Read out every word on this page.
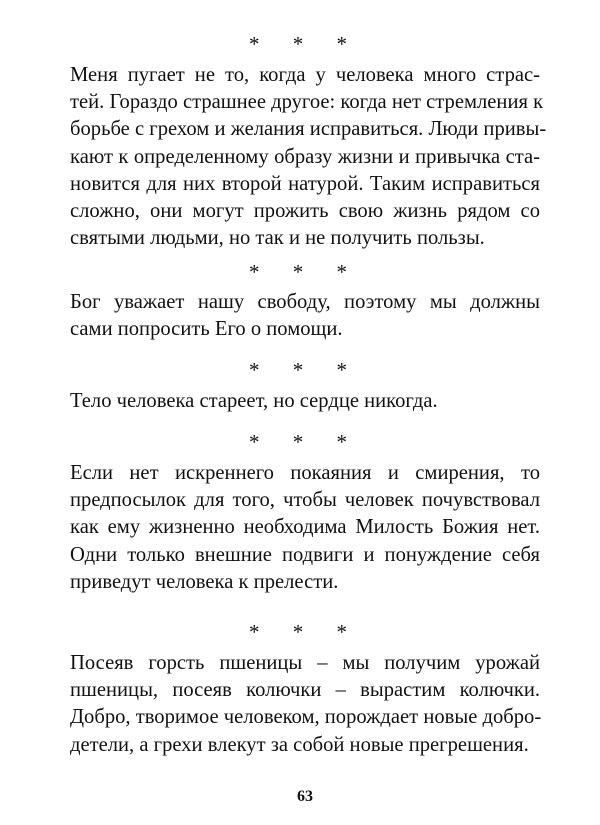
* * *
Меня пугает не то, когда у человека много страс-
тей. Гораздо страшнее другое: когда нет стремления к
борьбе с грехом и желания исправиться. Люди привы-
кают к определенному образу жизни и привычка ста-
новится для них второй натурой. Таким исправиться
сложно, они могут прожить свою жизнь рядом со
святыми людьми, но так и не получить пользы.
* * *
Бог уважает нашу свободу, поэтому мы должны
сами попросить Его о помощи.
* * *
Тело человека стареет, но сердце никогда.
* * *
Если нет искреннего покаяния и смирения, то
предпосылок для того, чтобы человек почувствовал
как ему жизненно необходима Милость Божия нет.
Одни только внешние подвиги и понуждение себя
приведут человека к прелести.
* * *
Посеяв горсть пшеницы – мы получим урожай
пшеницы, посеяв колючки – вырастим колючки.
Добро, творимое человеком, порождает новые добро-
детели, а грехи влекут за собой новые прегрешения.
63
